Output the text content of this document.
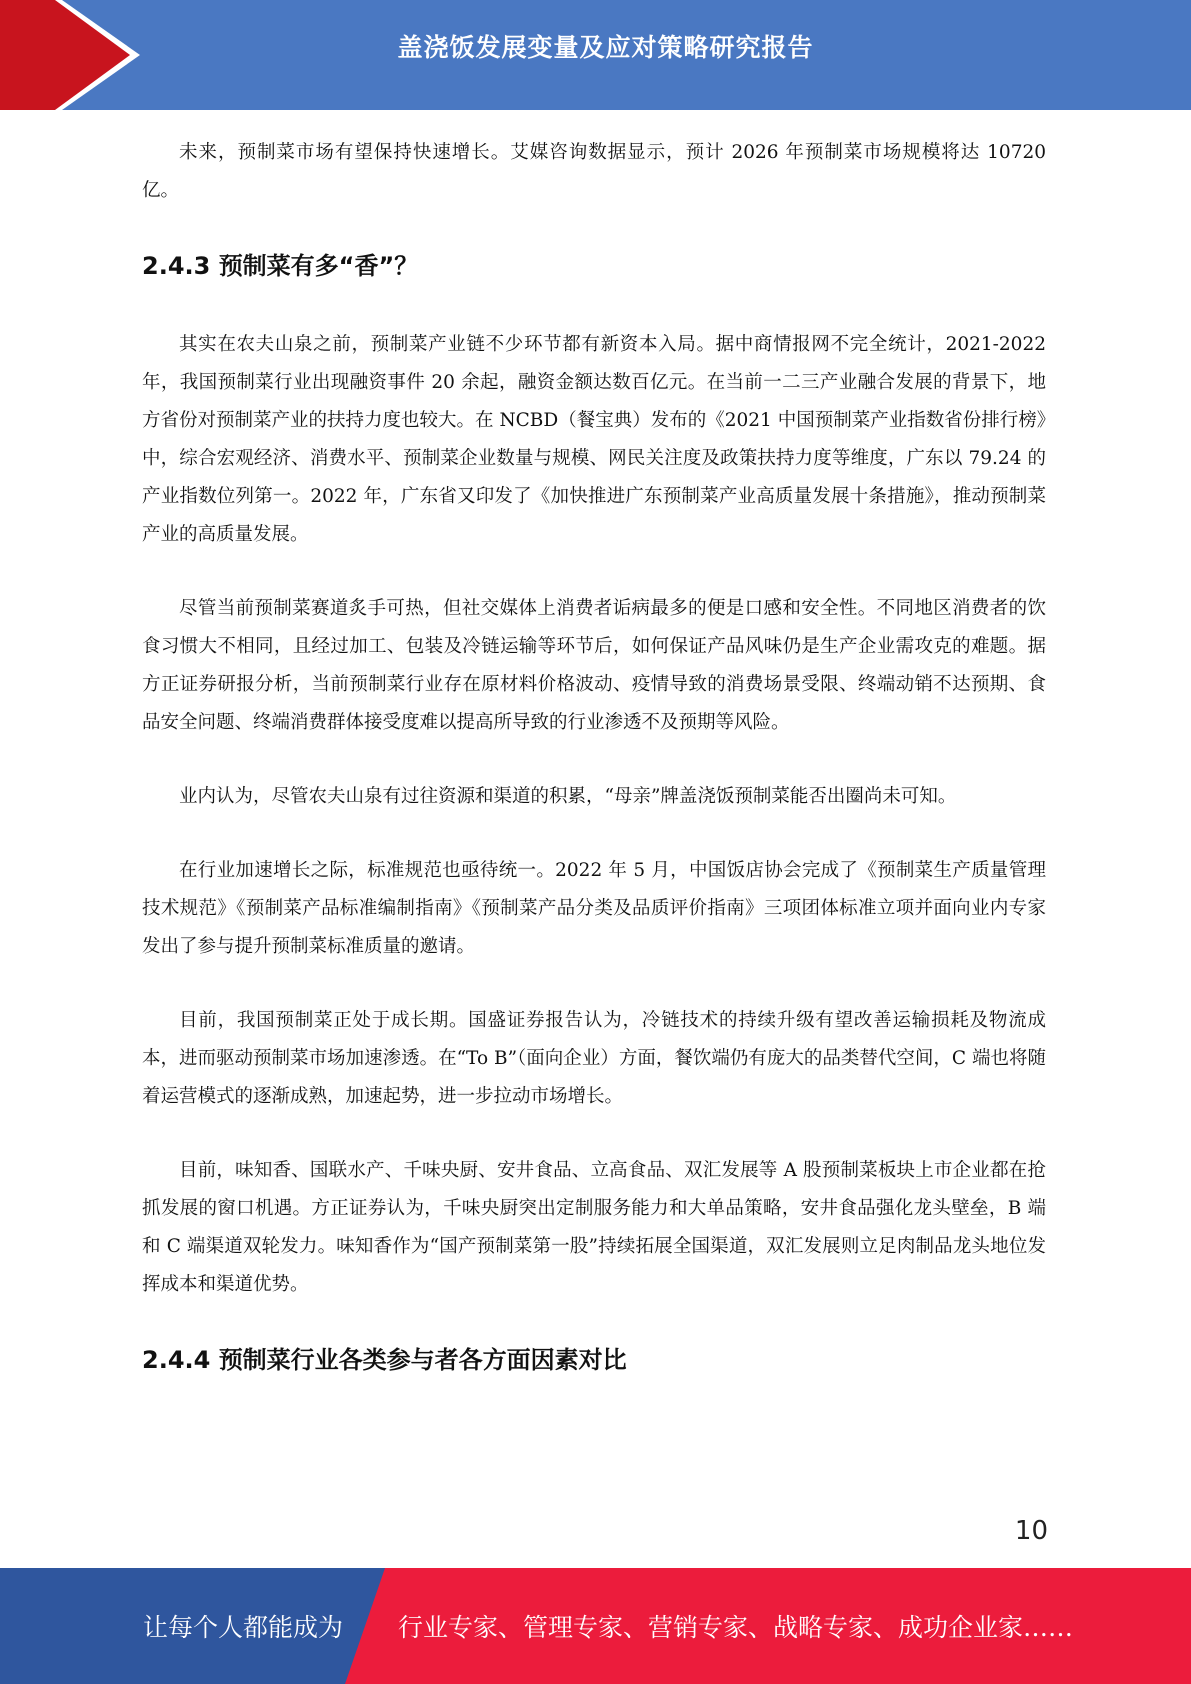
盖浇饭发展变量及应对策略研究报告

未来，预制菜市场有望保持快速增长。艾媒咨询数据显示，预计 2026 年预制菜市场规模将达 10720 亿。

2.4.3 预制菜有多“香”？

其实在农夫山泉之前，预制菜产业链不少环节都有新资本入局。据中商情报网不完全统计，2021-2022 年，我国预制菜行业出现融资事件 20 余起，融资金额达数百亿元。在当前一二三产业融合发展的背景下，地方省份对预制菜产业的扶持力度也较大。在 NCBD（餐宝典）发布的《2021 中国预制菜产业指数省份排行榜》中，综合宏观经济、消费水平、预制菜企业数量与规模、网民关注度及政策扶持力度等维度，广东以 79.24 的产业指数位列第一。2022 年，广东省又印发了《加快推进广东预制菜产业高质量发展十条措施》，推动预制菜产业的高质量发展。

尽管当前预制菜赛道炙手可热，但社交媒体上消费者诟病最多的便是口感和安全性。不同地区消费者的饮食习惯大不相同，且经过加工、包装及冷链运输等环节后，如何保证产品风味仍是生产企业需攻克的难题。据方正证券研报分析，当前预制菜行业存在原材料价格波动、疫情导致的消费场景受限、终端动销不达预期、食品安全问题、终端消费群体接受度难以提高所导致的行业渗透不及预期等风险。

业内认为，尽管农夫山泉有过往资源和渠道的积累，“母亲”牌盖浇饭预制菜能否出圈尚未可知。

在行业加速增长之际，标准规范也亟待统一。2022 年 5 月，中国饭店协会完成了《预制菜生产质量管理技术规范》《预制菜产品标准编制指南》《预制菜产品分类及品质评价指南》三项团体标准立项并面向业内专家发出了参与提升预制菜标准质量的邀请。

目前，我国预制菜正处于成长期。国盛证券报告认为，冷链技术的持续升级有望改善运输损耗及物流成本，进而驱动预制菜市场加速渗透。在“To B”（面向企业）方面，餐饮端仍有庞大的品类替代空间，C 端也将随着运营模式的逐渐成熟，加速起势，进一步拉动市场增长。

目前，味知香、国联水产、千味央厨、安井食品、立高食品、双汇发展等 A 股预制菜板块上市企业都在抢抓发展的窗口机遇。方正证券认为，千味央厨突出定制服务能力和大单品策略，安井食品强化龙头壁垒，B 端和 C 端渠道双轮发力。味知香作为“国产预制菜第一股”持续拓展全国渠道，双汇发展则立足肉制品龙头地位发挥成本和渠道优势。

2.4.4 预制菜行业各类参与者各方面因素对比
10
让每个人都能成为 行业专家、管理专家、营销专家、战略专家、成功企业家……
